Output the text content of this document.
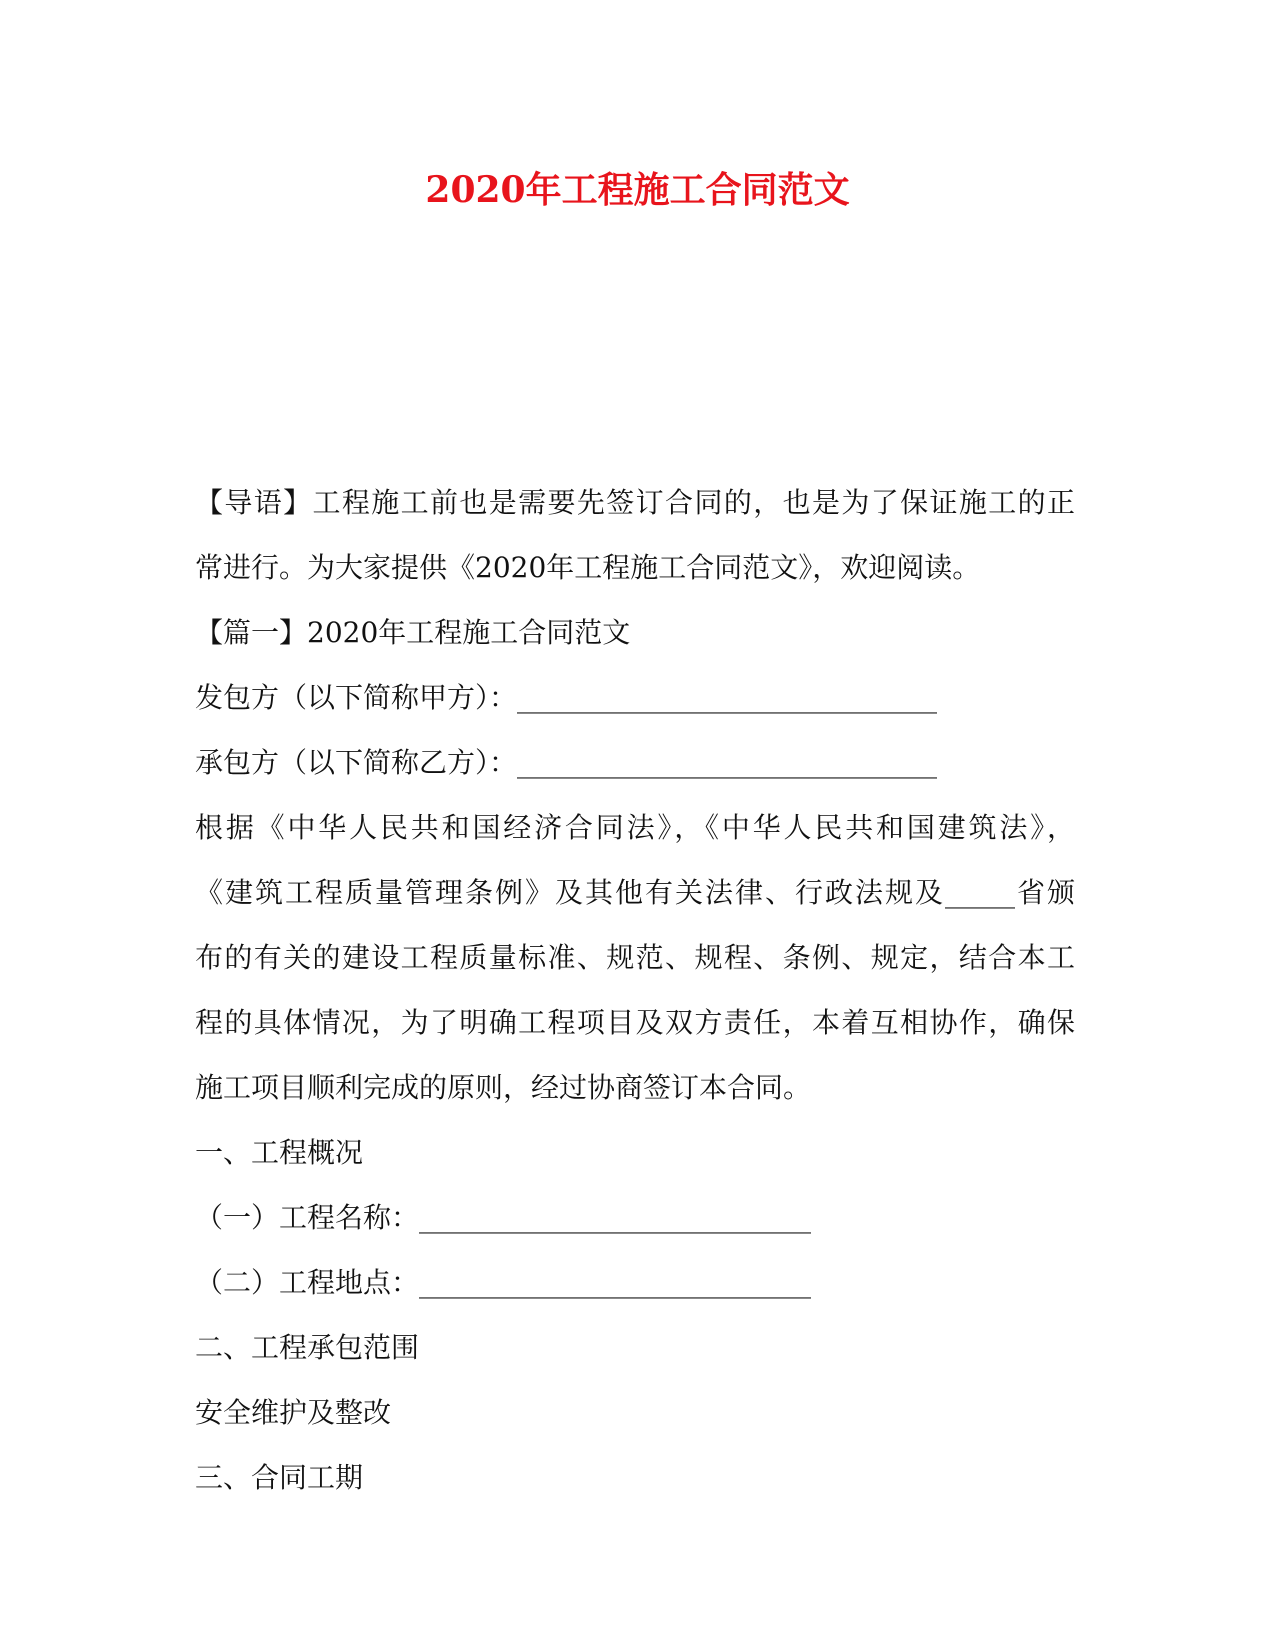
2020年工程施工合同范文
【导语】工程施工前也是需要先签订合同的，也是为了保证施工的正
常进行。为大家提供《2020年工程施工合同范文》，欢迎阅读。
【篇一】2020年工程施工合同范文
发包方（以下简称甲方）：______________________________
承包方（以下简称乙方）：______________________________
根据《中华人民共和国经济合同法》，《中华人民共和国建筑法》，
《建筑工程质量管理条例》及其他有关法律、行政法规及_____省颁
布的有关的建设工程质量标准、规范、规程、条例、规定，结合本工
程的具体情况，为了明确工程项目及双方责任，本着互相协作，确保
施工项目顺利完成的原则，经过协商签订本合同。
一、工程概况
（一）工程名称：____________________________
（二）工程地点：____________________________
二、工程承包范围
安全维护及整改
三、合同工期
